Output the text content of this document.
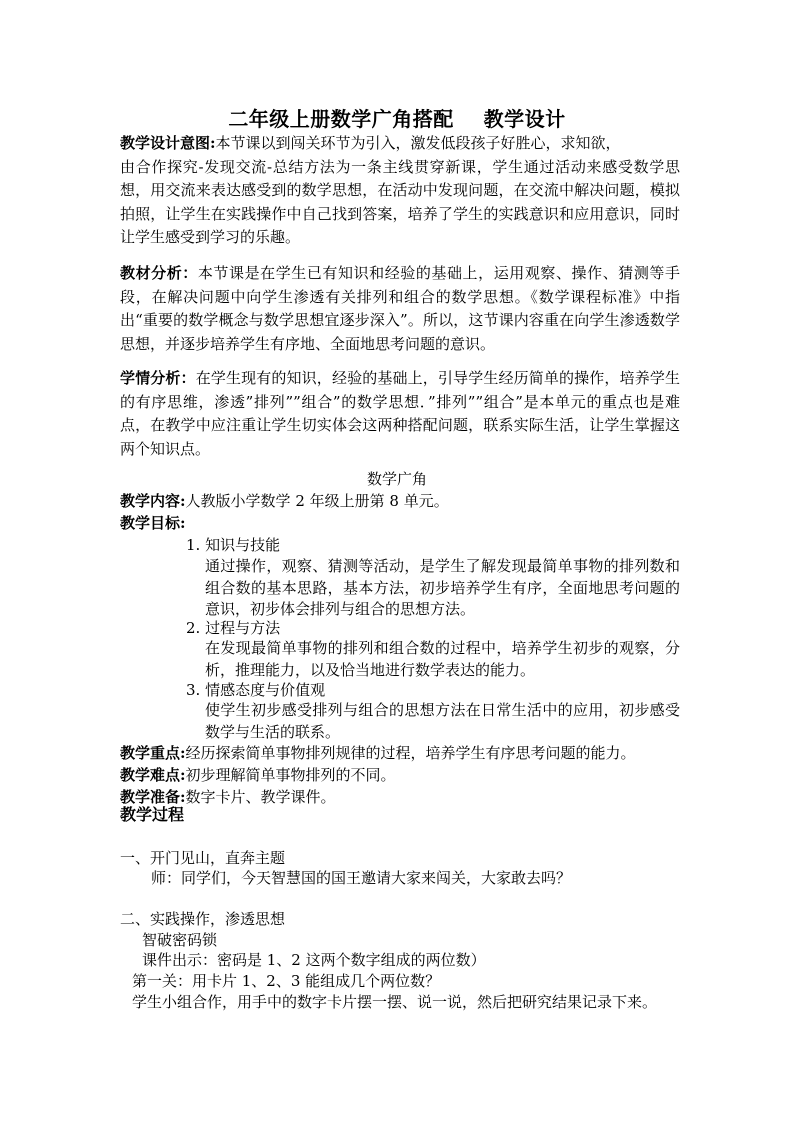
二年级上册数学广角搭配    教学设计
教学设计意图:本节课以到闯关环节为引入，激发低段孩子好胜心，求知欲，
由合作探究-发现交流-总结方法为一条主线贯穿新课，学生通过活动来感受数学思想，用交流来表达感受到的数学思想，在活动中发现问题，在交流中解决问题，模拟拍照，让学生在实践操作中自己找到答案，培养了学生的实践意识和应用意识，同时让学生感受到学习的乐趣。
教材分析：本节课是在学生已有知识和经验的基础上，运用观察、操作、猜测等手段，在解决问题中向学生渗透有关排列和组合的数学思想。《数学课程标准》中指出“重要的数学概念与数学思想宜逐步深入”。所以，这节课内容重在向学生渗透数学思想，并逐步培养学生有序地、全面地思考问题的意识。
学情分析：在学生现有的知识，经验的基础上，引导学生经历简单的操作，培养学生的有序思维，渗透”排列””组合”的数学思想．”排列””组合”是本单元的重点也是难点，在教学中应注重让学生切实体会这两种搭配问题，联系实际生活，让学生掌握这两个知识点。
数学广角
教学内容:人教版小学数学 2 年级上册第 8 单元。
教学目标:
1. 知识与技能
通过操作，观察、猜测等活动，是学生了解发现最简单事物的排列数和组合数的基本思路，基本方法，初步培养学生有序，全面地思考问题的意识，初步体会排列与组合的思想方法。
2. 过程与方法
在发现最简单事物的排列和组合数的过程中，培养学生初步的观察，分析，推理能力，以及恰当地进行数学表达的能力。
3. 情感态度与价值观
使学生初步感受排列与组合的思想方法在日常生活中的应用，初步感受数学与生活的联系。
教学重点:经历探索简单事物排列规律的过程，培养学生有序思考问题的能力。
教学难点:初步理解简单事物排列的不同。
教学准备:数字卡片、教学课件。
教学过程
一、开门见山，直奔主题
师：同学们，今天智慧国的国王邀请大家来闯关，大家敢去吗？
二、实践操作，渗透思想
智破密码锁
课件出示：密码是 1、2 这两个数字组成的两位数）
第一关：用卡片 1、2、3 能组成几个两位数？
学生小组合作，用手中的数字卡片摆一摆、说一说，然后把研究结果记录下来。
